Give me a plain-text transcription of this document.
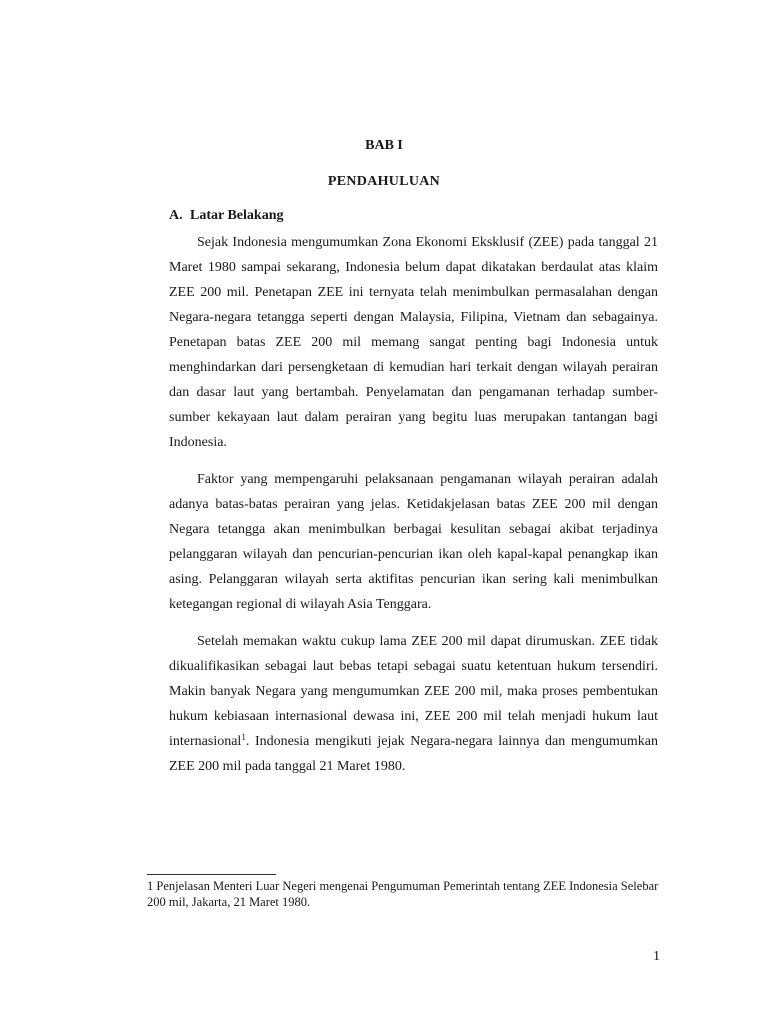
BAB I
PENDAHULUAN
A. Latar Belakang

Sejak Indonesia mengumumkan Zona Ekonomi Eksklusif (ZEE) pada tanggal 21 Maret 1980 sampai sekarang, Indonesia belum dapat dikatakan berdaulat atas klaim ZEE 200 mil. Penetapan ZEE ini ternyata telah menimbulkan permasalahan dengan Negara-negara tetangga seperti dengan Malaysia, Filipina, Vietnam dan sebagainya. Penetapan batas ZEE 200 mil memang sangat penting bagi Indonesia untuk menghindarkan dari persengketaan di kemudian hari terkait dengan wilayah perairan dan dasar laut yang bertambah. Penyelamatan dan pengamanan terhadap sumber-sumber kekayaan laut dalam perairan yang begitu luas merupakan tantangan bagi Indonesia.

Faktor yang mempengaruhi pelaksanaan pengamanan wilayah perairan adalah adanya batas-batas perairan yang jelas. Ketidakjelasan batas ZEE 200 mil dengan Negara tetangga akan menimbulkan berbagai kesulitan sebagai akibat terjadinya pelanggaran wilayah dan pencurian-pencurian ikan oleh kapal-kapal penangkap ikan asing. Pelanggaran wilayah serta aktifitas pencurian ikan sering kali menimbulkan ketegangan regional di wilayah Asia Tenggara.

Setelah memakan waktu cukup lama ZEE 200 mil dapat dirumuskan. ZEE tidak dikualifikasikan sebagai laut bebas tetapi sebagai suatu ketentuan hukum tersendiri. Makin banyak Negara yang mengumumkan ZEE 200 mil, maka proses pembentukan hukum kebiasaan internasional dewasa ini, ZEE 200 mil telah menjadi hukum laut internasional$^1$. Indonesia mengikuti jejak Negara-negara lainnya dan mengumumkan ZEE 200 mil pada tanggal 21 Maret 1980.

1 Penjelasan Menteri Luar Negeri mengenai Pengumuman Pemerintah tentang ZEE Indonesia Selebar 200 mil, Jakarta, 21 Maret 1980.

1
